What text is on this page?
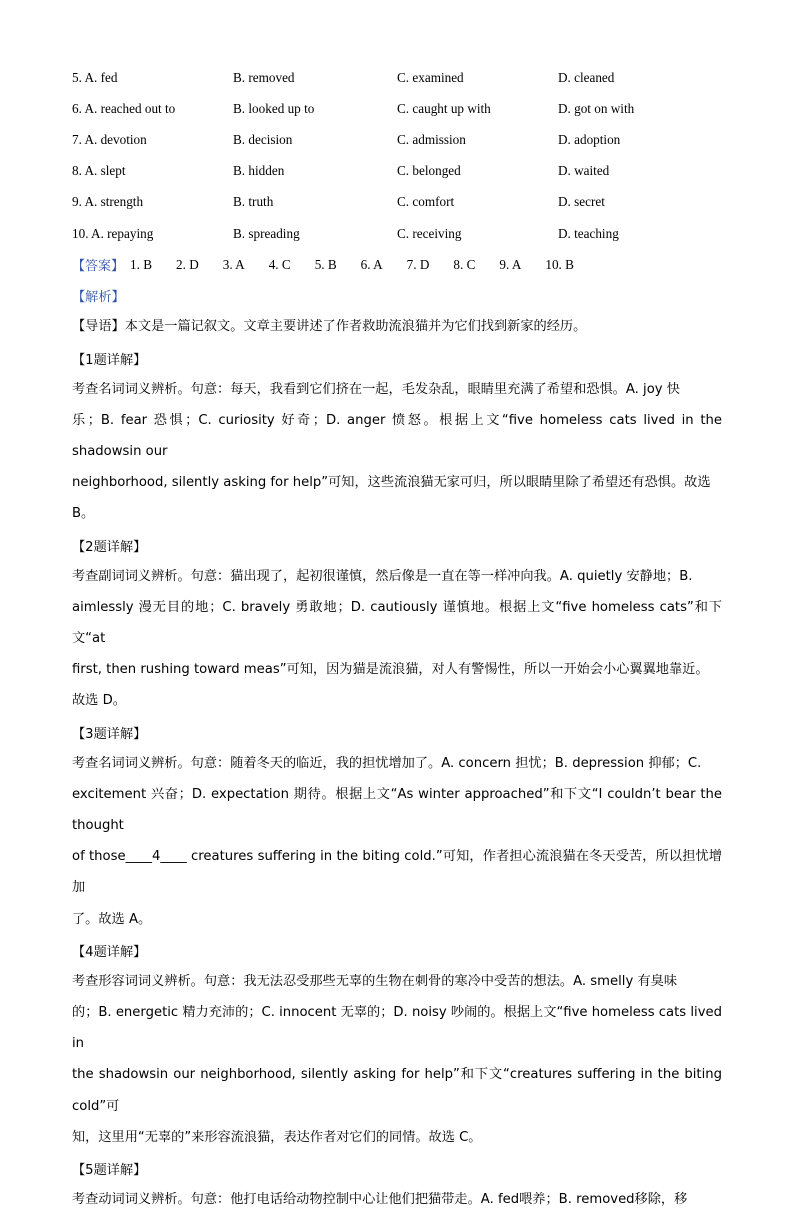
5. A. fed	B. removed	C. examined	D. cleaned
6. A. reached out to	B. looked up to	C. caught up with	D. got on with
7. A. devotion	B. decision	C. admission	D. adoption
8. A. slept	B. hidden	C. belonged	D. waited
9. A. strength	B. truth	C. comfort	D. secret
10. A. repaying	B. spreading	C. receiving	D. teaching
【答案】 1. B 2. D 3. A 4. C 5. B 6. A 7. D 8. C 9. A 10. B
【解析】

【导语】本文是一篇记叙文。文章主要讲述了作者救助流浪猫并为它们找到新家的经历。

【1题详解】

考查名词词义辨析。句意：每天，我看到它们挤在一起，毛发杂乱，眼睛里充满了希望和恐惧。A. joy 快

乐；B. fear 恐惧；C. curiosity 好奇；D. anger 愤怒。根据上文“five homeless cats lived in the shadowsin our

neighborhood, silently asking for help”可知，这些流浪猫无家可归，所以眼睛里除了希望还有恐惧。故选

B。

【2题详解】

考查副词词义辨析。句意：猫出现了，起初很谨慎，然后像是一直在等一样冲向我。A. quietly 安静地；B.

aimlessly 漫无目的地；C. bravely 勇敢地；D. cautiously 谨慎地。根据上文“five homeless cats”和下文“at

first, then rushing toward meas”可知，因为猫是流浪猫，对人有警惕性，所以一开始会小心翼翼地靠近。

故选 D。

【3题详解】

考查名词词义辨析。句意：随着冬天的临近，我的担忧增加了。A. concern 担忧；B. depression 抑郁；C.

excitement 兴奋；D. expectation 期待。根据上文“As winter approached”和下文“I couldn’t bear the thought

of those____4____ creatures suffering in the biting cold.”可知，作者担心流浪猫在冬天受苦，所以担忧增加

了。故选 A。

【4题详解】

考查形容词词义辨析。句意：我无法忍受那些无辜的生物在刺骨的寒冷中受苦的想法。A. smelly 有臭味

的；B. energetic 精力充沛的；C. innocent 无辜的；D. noisy 吵闹的。根据上文“five homeless cats lived in

the shadowsin our neighborhood, silently asking for help”和下文“creatures suffering in the biting cold”可

知，这里用“无辜的”来形容流浪猫，表达作者对它们的同情。故选 C。

【5题详解】

考查动词词义辨析。句意：他打电话给动物控制中心让他们把猫带走。A. fed喂养；B. removed移除，移
